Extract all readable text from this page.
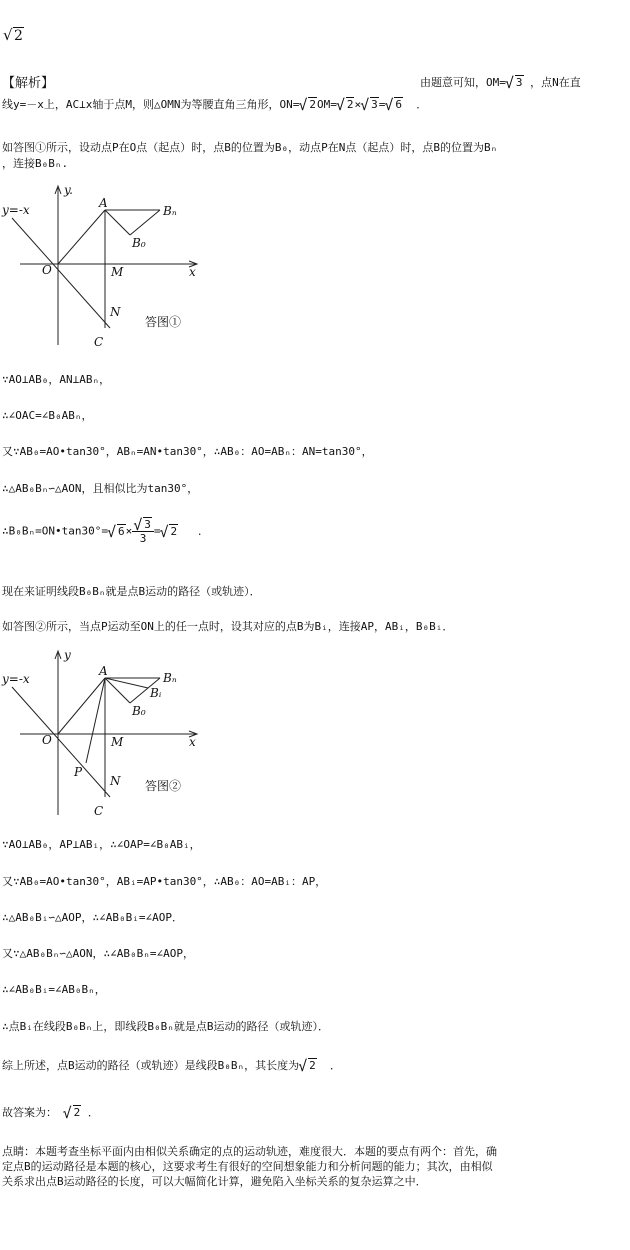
√ 2
【解析】	由题意可知，OM= √ 3 ，点N在直
线y=－x上，AC⊥x轴于点M，则△OMN为等腰直角三角形，ON= √ 2OM= √ 2× √ 3= √ 6 ．
如答图①所示，设动点P在O点（起点）时，点B的位置为B₀，动点P在N点（起点）时，点B的位置为Bₙ
，连接B₀Bₙ.
y.
y=-x	A
Bₙ
B₀
O	M	x
N
C
答图①
∵AO⊥AB₀，AN⊥ABₙ，
∴∠OAC=∠B₀ABₙ，
又∵AB₀=AO•tan30°，ABₙ=AN•tan30°，∴AB₀：AO=ABₙ：AN=tan30°，
∴△AB₀Bₙ∽△AON，且相似比为tan30°，
∴B₀Bₙ=ON•tan30°= √ 6× √ $\frac{3}{3}$ = √ 2 ．
现在来证明线段B₀Bₙ就是点B运动的路径（或轨迹）．
如答图②所示，当点P运动至ON上的任一点时，设其对应的点B为Bᵢ，连接AP，ABᵢ，B₀Bᵢ．
y
y=-x
A	Bₙ
Bᵢ
B₀
O	M	x
P
N
C
答图②
∵AO⊥AB₀，AP⊥ABᵢ，∴∠OAP=∠B₀ABᵢ，
又∵AB₀=AO•tan30°，ABᵢ=AP•tan30°，∴AB₀：AO=ABᵢ：AP，
∴△AB₀Bᵢ∽△AOP，∴∠AB₀Bᵢ=∠AOP．
又∵△AB₀Bₙ∽△AON，∴∠AB₀Bₙ=∠AOP，
∴∠AB₀Bᵢ=∠AB₀Bₙ，
∴点Bᵢ在线段B₀Bₙ上，即线段B₀Bₙ就是点B运动的路径（或轨迹）．
综上所述，点B运动的路径（或轨迹）是线段B₀Bₙ，其长度为 √ 2 ．
故答案为： √ 2 ．
点睛：本题考查坐标平面内由相似关系确定的点的运动轨迹，难度很大．本题的要点有两个：首先，确
定点B的运动路径是本题的核心，这要求考生有很好的空间想象能力和分析问题的能力；其次，由相似
关系求出点B运动路径的长度，可以大幅简化计算，避免陷入坐标关系的复杂运算之中．
